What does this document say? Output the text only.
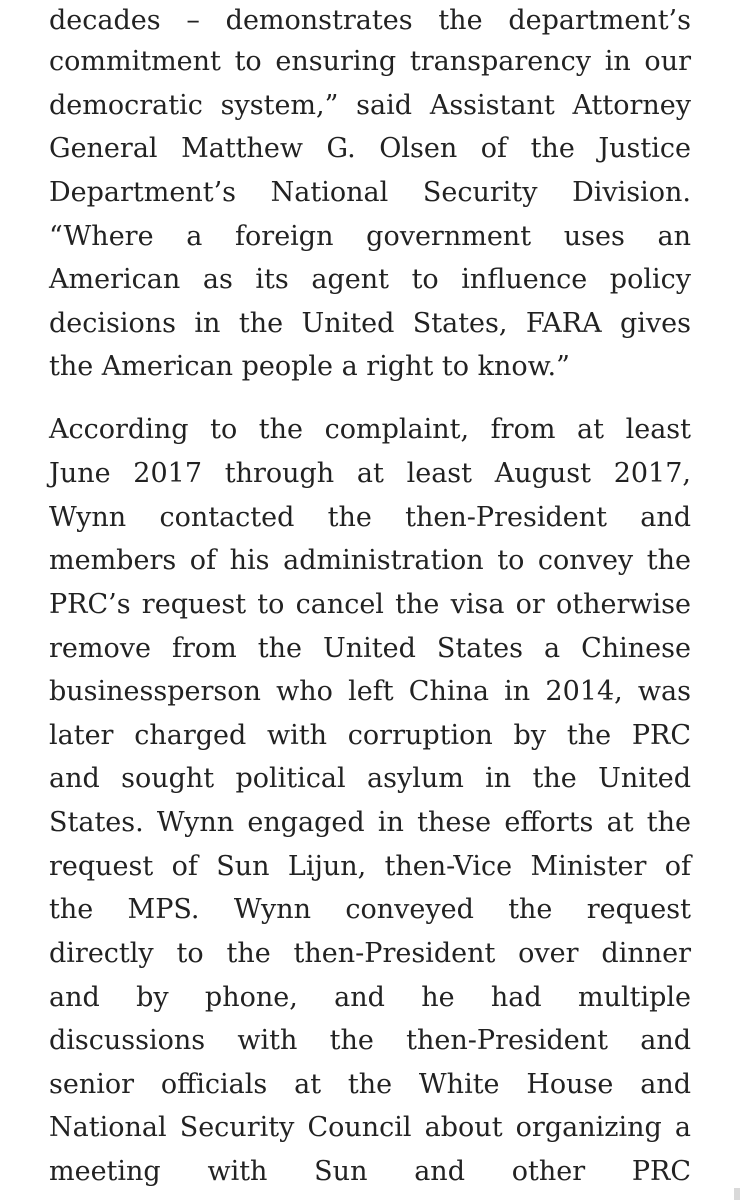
decades – demonstrates the department’s
commitment to ensuring transparency in our
democratic system,” said Assistant Attorney
General Matthew G. Olsen of the Justice
Department’s National Security Division.
“Where a foreign government uses an
American as its agent to influence policy
decisions in the United States, FARA gives
the American people a right to know.”
According to the complaint, from at least
June 2017 through at least August 2017,
Wynn contacted the then-President and
members of his administration to convey the
PRC’s request to cancel the visa or otherwise
remove from the United States a Chinese
businessperson who left China in 2014, was
later charged with corruption by the PRC
and sought political asylum in the United
States. Wynn engaged in these efforts at the
request of Sun Lijun, then-Vice Minister of
the MPS. Wynn conveyed the request
directly to the then-President over dinner
and by phone, and he had multiple
discussions with the then-President and
senior officials at the White House and
National Security Council about organizing a
meeting with Sun and other PRC
